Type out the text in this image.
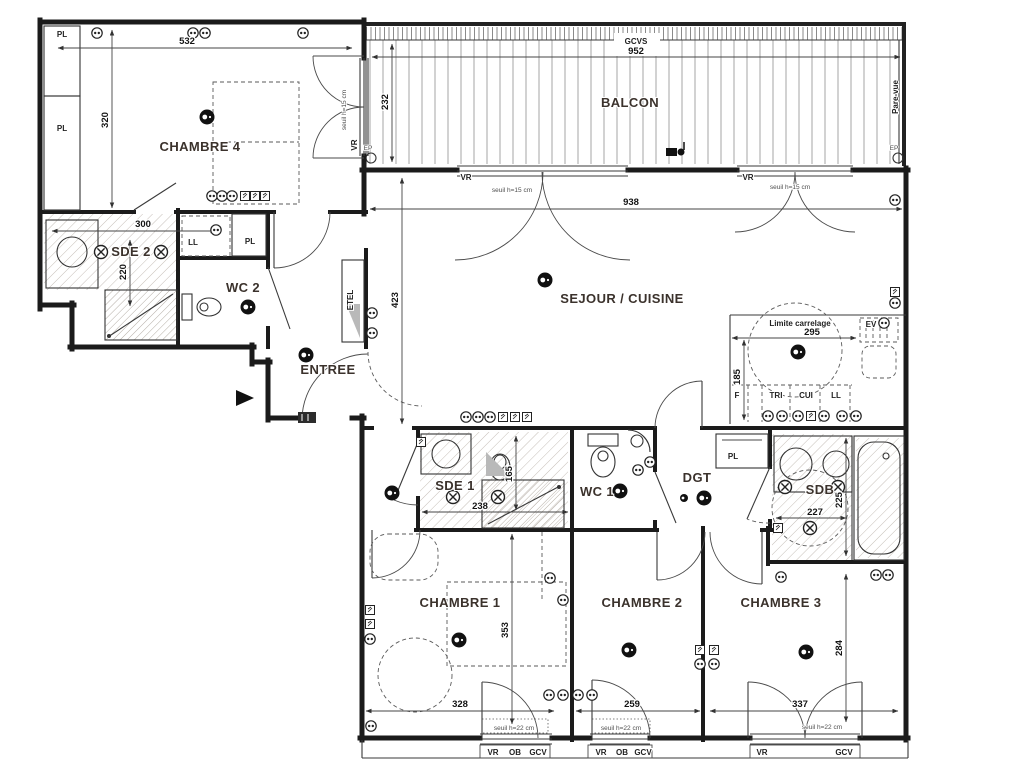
CHAMBRE 4
BALCON
SDE 2
WC 2
ENTREE
SEJOUR / CUISINE
SDE 1	WC 1
DGT
SDB
CHAMBRE 1	CHAMBRE 2	CHAMBRE 3
532
320
300
220
232
952
938
423
295
185
238
165
227
225
353
328	259
284
337
GCVS
Pare-vue
EP	EP
VR	VR
VR
seuil h=15 cm	seuil h=15 cm
seuil h=15 cm
PL
PL
PL
PL
LL
ETEL
F	TRI CUI LL
EV
Limite carrelage
seuil h=22 cm	seuil h=22 cm	seuil h=22 cm
VR OB GCV	VR OB GCV	VR	GCV
